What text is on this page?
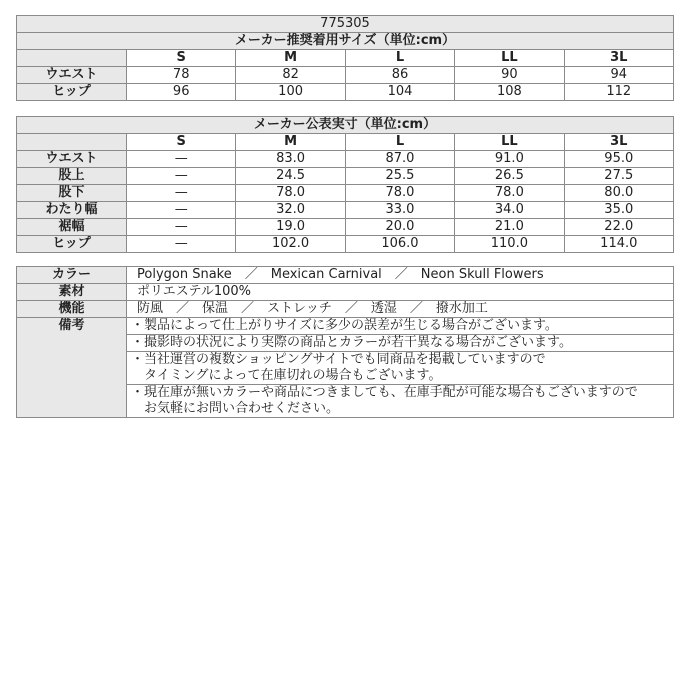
775305					
メーカー推奨着用サイズ（単位:cm）					
	S	M	L	LL	3L
ウエスト	78	82	86	90	94
ヒップ	96	100	104	108	112
メーカー公表実寸（単位:cm）					
	S	M	L	LL	3L
ウエスト	—	83.0	87.0	91.0	95.0
股上	—	24.5	25.5	26.5	27.5
股下	—	78.0	78.0	78.0	80.0
わたり幅	—	32.0	33.0	34.0	35.0
裾幅	—	19.0	20.0	21.0	22.0
ヒップ	—	102.0	106.0	110.0	114.0
カラー	Polygon Snake　／　Mexican Carnival　／　Neon Skull Flowers
素材	ポリエステル100%
機能	防風　／　保温　／　ストレッチ　／　透湿　／　撥水加工
備考	・製品によって仕上がりサイズに多少の誤差が生じる場合がございます。
	・撮影時の状況により実際の商品とカラーが若干異なる場合がございます。
	・当社運営の複数ショッピングサイトでも同商品を掲載していますので
　タイミングによって在庫切れの場合もございます。
	・現在庫が無いカラーや商品につきましても、在庫手配が可能な場合もございますので
　お気軽にお問い合わせください。
